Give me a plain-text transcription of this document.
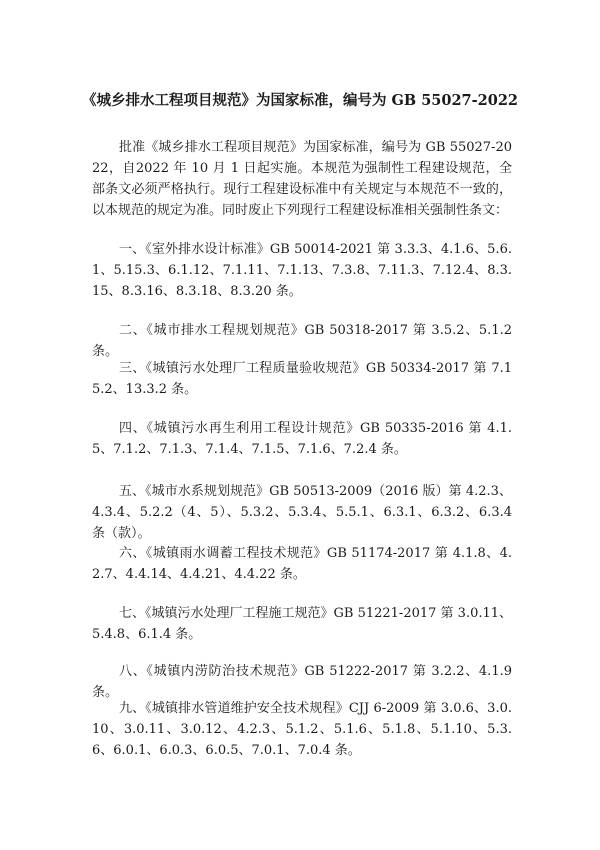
《城乡排水工程项目规范》为国家标准，编号为 GB 55027-2022

批准《城乡排水工程项目规范》为国家标准，编号为 GB 55027-2022，自2022 年 10 月 1 日起实施。本规范为强制性工程建设规范，全部条文必须严格执行。现行工程建设标准中有关规定与本规范不一致的，以本规范的规定为准。同时废止下列现行工程建设标准相关强制性条文：

一、《室外排水设计标准》GB 50014-2021 第 3.3.3、4.1.6、5.6.1、5.15.3、6.1.12、7.1.11、7.1.13、7.3.8、7.11.3、7.12.4、8.3.15、8.3.16、8.3.18、8.3.20 条。

二、《城市排水工程规划规范》GB 50318-2017 第 3.5.2、5.1.2 条。

三、《城镇污水处理厂工程质量验收规范》GB 50334-2017 第 7.15.2、13.3.2 条。

四、《城镇污水再生利用工程设计规范》GB 50335-2016 第 4.1.5、7.1.2、7.1.3、7.1.4、7.1.5、7.1.6、7.2.4 条。

五、《城市水系规划规范》GB 50513-2009（2016 版）第 4.2.3、4.3.4、5.2.2（4、5）、5.3.2、5.3.4、5.5.1、6.3.1、6.3.2、6.3.4 条（款）。

六、《城镇雨水调蓄工程技术规范》GB 51174-2017 第 4.1.8、4.2.7、4.4.14、4.4.21、4.4.22 条。

七、《城镇污水处理厂工程施工规范》GB 51221-2017 第 3.0.11、5.4.8、6.1.4 条。

八、《城镇内涝防治技术规范》GB 51222-2017 第 3.2.2、4.1.9 条。

九、《城镇排水管道维护安全技术规程》CJJ 6-2009 第 3.0.6、3.0.10、3.0.11、3.0.12、4.2.3、5.1.2、5.1.6、5.1.8、5.1.10、5.3.6、6.0.1、6.0.3、6.0.5、7.0.1、7.0.4 条。
